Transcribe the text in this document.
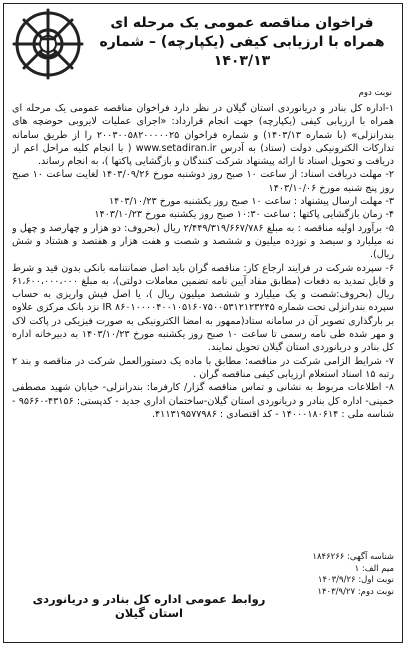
فراخوان مناقصه عمومی یک مرحله ای
همراه با ارزیابی کیفی (یکپارچه) – شماره ۱۴۰۳/۱۳
نوبت دوم

۱-اداره کل بنادر و دریانوردی استان گیلان در نظر دارد فراخوان مناقصه عمومی یک مرحله ای همراه با ارزیابی کیفی (یکپارچه) جهت انجام قرارداد: «اجرای عملیات لایروبی حوضچه های بندرانزلی» (با شماره ۱۴۰۳/۱۳) و شماره فراخوان ۲۰۰۳۰۰۵۸۲۰۰۰۰۰۲۵ را از طریق سامانه تدارکات الکترونیکی دولت (ستاد) به آدرس www.setadiran.ir ( با انجام کلیه مراحل اعم از دریافت و تحویل اسناد تا ارائه پیشنهاد شرکت کنندگان و بازگشایی پاکتها )، به انجام رساند.

۲- مهلت دریافت اسناد: از ساعت ۱۰ صبح روز دوشنبه مورخ ۱۴۰۳/۰۹/۲۶ لغایت ساعت ۱۰ صبح روز پنج شنبه مورخ ۱۴۰۳/۱۰/۰۶

۳- مهلت ارسال پیشنهاد : ساعت ۱۰ صبح روز یکشنبه مورخ ۱۴۰۳/۱۰/۲۳

۴- زمان بازگشایی پاکتها : ساعت ۱۰:۳۰ صبح روز یکشنبه مورخ ۱۴۰۳/۱۰/۲۳

۵- برآورد اولیه مناقصه : به مبلغ ۲/۴۴۹/۳۱۹/۶۶۷/۷۸۶ ریال (بحروف: دو هزار و چهارصد و چهل و نه میلیارد و سیصد و نوزده میلیون و ششصد و شصت و هفت هزار و هفتصد و هشتاد و شش ریال).

۶- سپرده شرکت در فرایند ارجاع کار: مناقصه گران باید اصل ضمانتنامه بانکی بدون قید و شرط و قابل تمدید به دفعات (مطابق مفاد آیین نامه تضمین معاملات دولتی)، به مبلغ ۶۱،۶۰۰،۰۰۰،۰۰۰ ریال (بحروف:شصت و یک میلیارد و ششصد میلیون ریال )، یا اصل فیش واریزی به حساب سپرده بندرانزلی تحت شماره IR ۸۶۰۱۰۰۰۰۴۰۰۱۰۵۱۶۰۷۵۰۰۵۳۱۲۱۲۳۲۴۵ نزد بانک مرکزی علاوه بر بارگذاری تصویر آن در سامانه ستاد(ممهور به امضا الکترونیکی به صورت فیزیکی در پاکت لاک و مهر شده طی نامه رسمی تا ساعت ۱۰ صبح روز یکشنبه مورخ ۱۴۰۳/۱۰/۲۳ به دبیرخانه اداره کل بنادر و دریانوردی استان گیلان تحویل نمایند.

۷- شرایط الزامی شرکت در مناقصه: مطابق با ماده یک دستورالعمل شرکت در مناقصه و بند ۲ رتبه ۱۵ اسناد استعلام ارزیابی کیفی مناقصه گران .

۸- اطلاعات مربوط به نشانی و تماس مناقصه گزار/ کارفرما: بندرانزلی- خیابان شهید مصطفی خمینی- اداره کل بنادر و دریانوردی استان گیلان-ساختمان اداری جدید - کدپستی: ۴۳۱۵۶-۹۵۶۶۰ - شناسه ملی : ۱۴۰۰۰۱۸۰۶۱۴ - کد اقتصادی : ۴۱۱۳۱۹۵۷۷۹۸۶.

شناسه آگهی: ۱۸۴۶۲۶۶
میم الف: ۱
نوبت اول: ۱۴۰۳/۹/۲۶
نوبت دوم: ۱۴۰۳/۹/۲۷
روابط عمومی اداره کل بنادر و دریانوردی استان گیلان
